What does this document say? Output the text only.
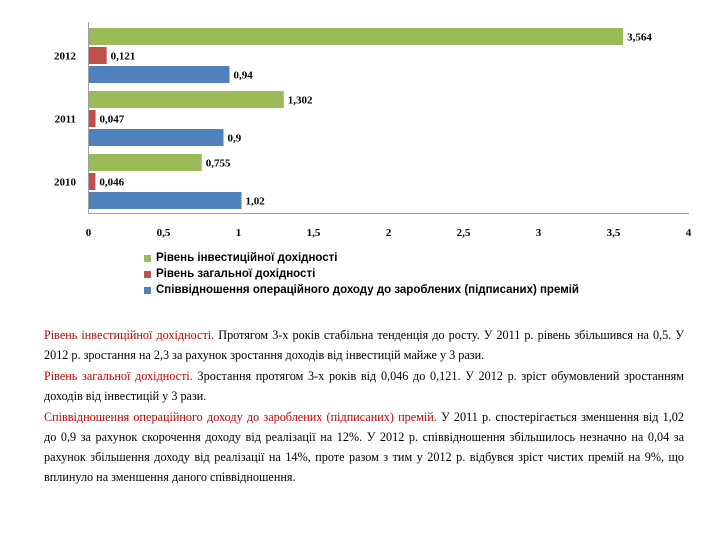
3,564
0,121
0,94
1,302
0,047
0,9
0,755
0,046
1,02
2012
2011
2010
0	0,5	1	1,5	2	2,5	3	3,5	4
Рівень інвестиційної дохідності
Рівень загальної дохідності
Співвідношення операційного доходу до зароблених (підписаних) премій

Рівень інвестиційної дохідності. Протягом 3-х років стабільна тенденція до росту. У 2011 р. рівень збільшився на 0,5. У 2012 р. зростання на 2,3 за рахунок зростання доходів від інвестицій майже у 3 рази.

Рівень загальної дохідності. Зростання протягом 3-х років від 0,046 до 0,121. У 2012 р. зріст обумовлений зростанням доходів від інвестицій у 3 рази.

Співвідношення операційного доходу до зароблених (підписаних) премій. У 2011 р. спостерігається зменшення від 1,02 до 0,9 за рахунок скорочення доходу від реалізації на 12%. У 2012 р. співвідношення збільшилось незначно на 0,04 за рахунок збільшення доходу від реалізації на 14%, проте разом з тим у 2012 р. відбувся зріст чистих премій на 9%, що вплинуло на зменшення даного співвідношення.
